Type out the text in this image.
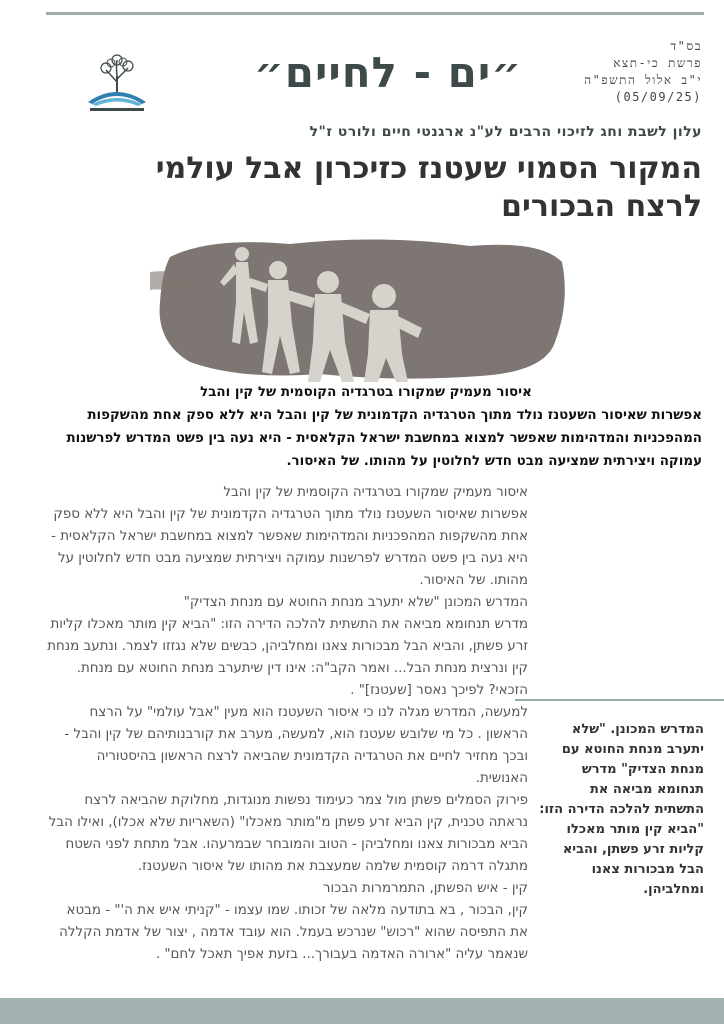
״ים - לחיים״
בס"ד
פרשת כי-תצא
י"ב אלול התשפ"ה
(05/09/25)
עלון לשבת וחג לזיכוי הרבים לע"נ ארגנטי חיים ולורט ז"ל
המקור הסמוי שעטנז כזיכרון אבל עולמי
לרצח הבכורים
איסור מעמיק שמקורו בטרגדיה הקוסמית של קין והבל
אפשרות שאיסור השעטנז נולד מתוך הטרגדיה הקדמונית של קין והבל היא ללא ספק אחת מהשקפות המהפכניות והמדהימות שאפשר למצוא במחשבת ישראל הקלאסית - היא נעה בין פשט המדרש לפרשנות עמוקה ויצירתית שמציעה מבט חדש לחלוטין על מהותו. של האיסור.
איסור מעמיק שמקורו בטרגדיה הקוסמית של קין והבל
אפשרות שאיסור השעטנז נולד מתוך הטרגדיה הקדמונית של קין והבל היא ללא ספק אחת מהשקפות המהפכניות והמדהימות שאפשר למצוא במחשבת ישראל הקלאסית - היא נעה בין פשט המדרש לפרשנות עמוקה ויצירתית שמציעה מבט חדש לחלוטין על מהותו. של האיסור.
המדרש המכונן "שלא יתערב מנחת החוטא עם מנחת הצדיק"
מדרש תנחומא מביאה את התשתית להלכה הדירה הזו: "הביא קין מותר מאכלו קליות זרע פשתן, והביא הבל מבכורות צאנו ומחלביהן, כבשים שלא נגזזו לצמר. ונתעב מנחת קין ונרצית מנחת הבל... ואמר הקב"ה: אינו דין שיתערב מנחת החוטא עם מנחת. הזכאי? לפיכך נאסר [שעטנז]" .
למעשה, המדרש מגלה לנו כי איסור השעטנז הוא מעין "אבל עולמי" על הרצח הראשון . כל מי שלובש שעטנז הוא, למעשה, מערב את קורבנותיהם של קין והבל - ובכך מחזיר לחיים את הטרגדיה הקדמונית שהביאה לרצח הראשון בהיסטוריה האנושית.
פירוק הסמלים פשתן מול צמר כעימוד נפשות מנוגדות, מחלוקת שהביאה לרצח נראתה טכנית, קין הביא זרע פשתן מ"מותר מאכלו" (השאריות שלא אכלו), ואילו הבל הביא מבכורות צאנו ומחלביהן - הטוב והמובחר שבמרעהו. אבל מתחת לפני השטח מתגלה דרמה קוסמית שלמה שמעצבת את מהותו של איסור השעטנז.
קין - איש הפשתן, התמרמרות הבכור
קין, הבכור , בא בתודעה מלאה של זכותו. שמו עצמו - "קניתי איש את ה'" - מבטא את התפיסה שהוא "רכוש" שנרכש בעמל. הוא עובד אדמה , יצור של אדמת הקללה שנאמר עליה "ארורה האדמה בעבורך... בזעת אפיך תאכל לחם" .
המדרש המכונן. "שלא יתערב מנחת החוטא עם מנחת הצדיק" מדרש תנחומא מביאה את התשתית להלכה הדירה הזו: "הביא קין מותר מאכלו קליות זרע פשתן, והביא הבל מבכורות צאנו ומחלביהן.
